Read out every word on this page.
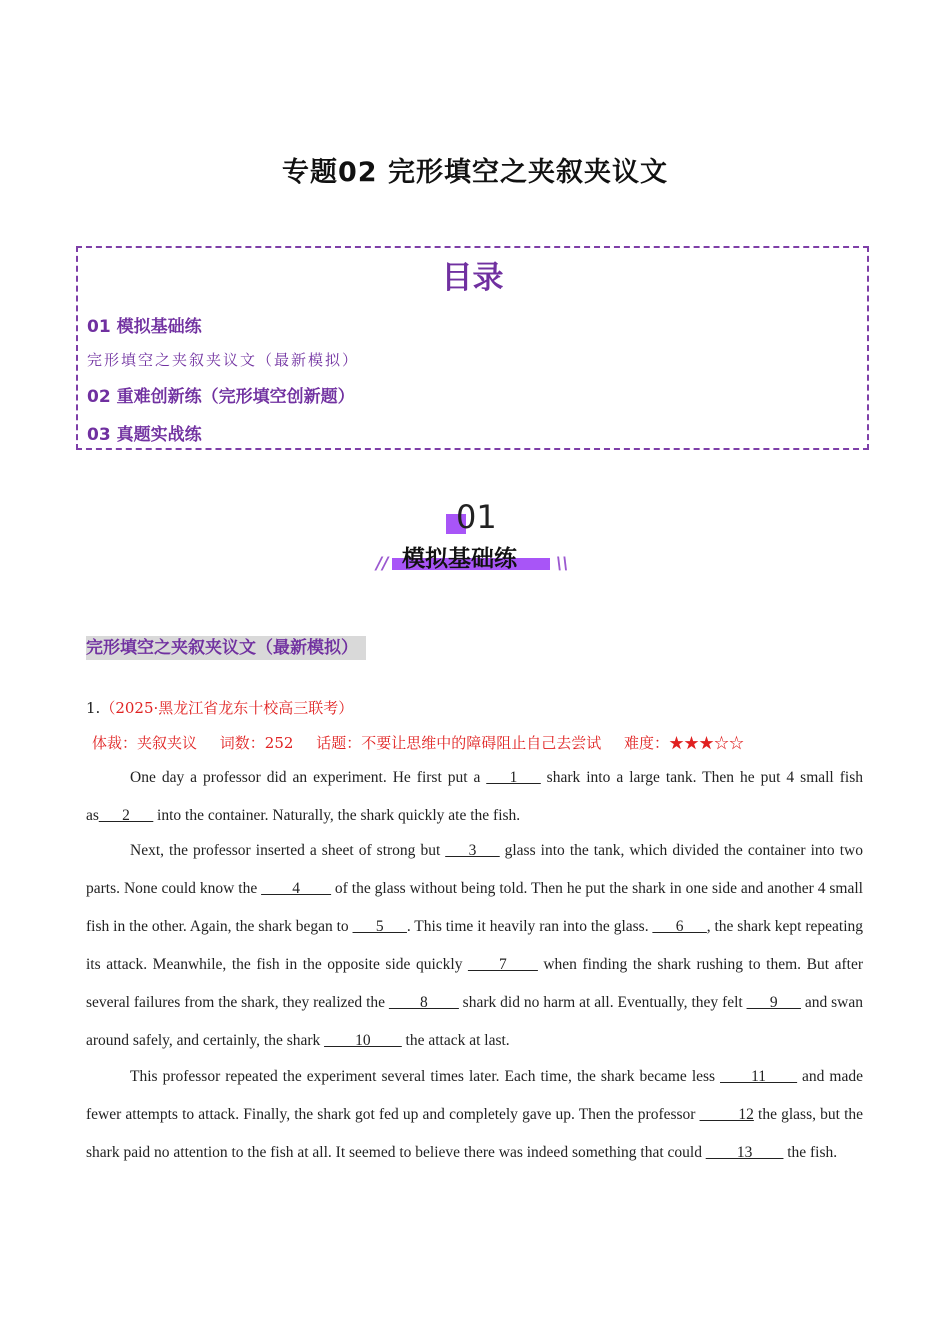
专题02 完形填空之夹叙夹议文
目录
01 模拟基础练
完形填空之夹叙夹议文（最新模拟）
02 重难创新练（完形填空创新题）
03 真题实战练
01
模拟基础练
//	\\
完形填空之夹叙夹议文（最新模拟）
1.（2025·黑龙江省龙东十校高三联考）
体裁：夹叙夹议 词数：252 话题：不要让思维中的障碍阻止自己去尝试 难度：★★★☆☆
One day a professor did an experiment. He first put a ___1___ shark into a large tank. Then he put 4 small fish as___2___ into the container. Naturally, the shark quickly ate the fish.
Next, the professor inserted a sheet of strong but ___3___ glass into the tank, which divided the container into two parts. None could know the ____4____ of the glass without being told. Then he put the shark in one side and another 4 small fish in the other. Again, the shark began to ___5___. This time it heavily ran into the glass. ___6___, the shark kept repeating its attack. Meanwhile, the fish in the opposite side quickly ____7____ when finding the shark rushing to them. But after several failures from the shark, they realized the ____8____ shark did no harm at all. Eventually, they felt ___9___ and swan around safely, and certainly, the shark ____10____ the attack at last.
This professor repeated the experiment several times later. Each time, the shark became less ____11____ and made fewer attempts to attack. Finally, the shark got fed up and completely gave up. Then the professor _____12 the glass, but the shark paid no attention to the fish at all. It seemed to believe there was indeed something that could ____13____ the fish.
